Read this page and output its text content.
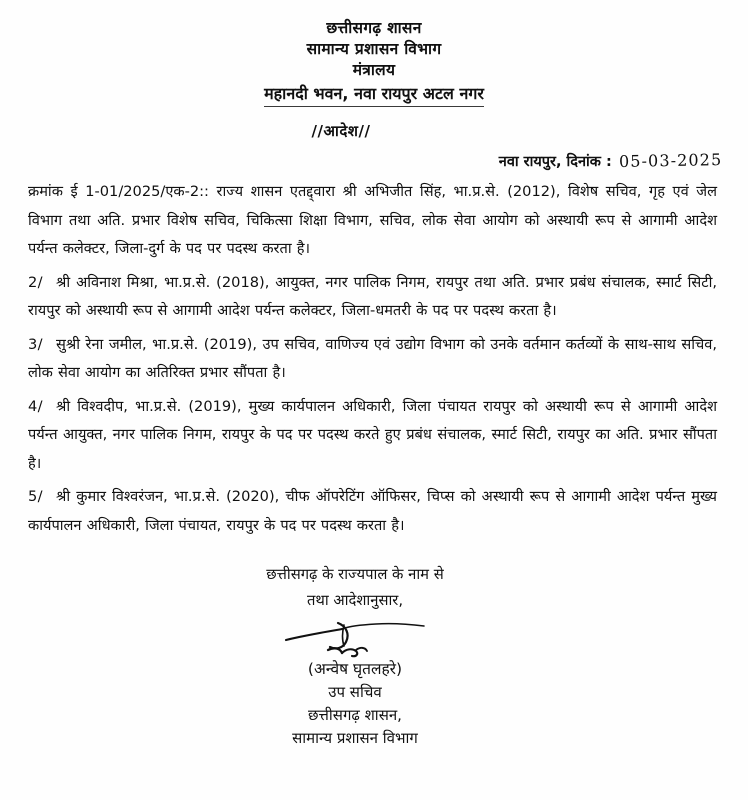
छत्तीसगढ़ शासन
सामान्य प्रशासन विभाग
मंत्रालय
महानदी भवन, नवा रायपुर अटल नगर
//आदेश//
नवा रायपुर, दिनांक : 05-03-2025

क्रमांक ई 1-01/2025/एक-2:: राज्य शासन एतद्द्वारा श्री अभिजीत सिंह, भा.प्र.से. (2012), विशेष सचिव, गृह एवं जेल विभाग तथा अति. प्रभार विशेष सचिव, चिकित्सा शिक्षा विभाग, सचिव, लोक सेवा आयोग को अस्थायी रूप से आगामी आदेश पर्यन्त कलेक्टर, जिला-दुर्ग के पद पर पदस्थ करता है।

2/ श्री अविनाश मिश्रा, भा.प्र.से. (2018), आयुक्त, नगर पालिक निगम, रायपुर तथा अति. प्रभार प्रबंध संचालक, स्मार्ट सिटी, रायपुर को अस्थायी रूप से आगामी आदेश पर्यन्त कलेक्टर, जिला-धमतरी के पद पर पदस्थ करता है।

3/ सुश्री रेना जमील, भा.प्र.से. (2019), उप सचिव, वाणिज्य एवं उद्योग विभाग को उनके वर्तमान कर्तव्यों के साथ-साथ सचिव, लोक सेवा आयोग का अतिरिक्त प्रभार सौंपता है।

4/ श्री विश्वदीप, भा.प्र.से. (2019), मुख्य कार्यपालन अधिकारी, जिला पंचायत रायपुर को अस्थायी रूप से आगामी आदेश पर्यन्त आयुक्त, नगर पालिक निगम, रायपुर के पद पर पदस्थ करते हुए प्रबंध संचालक, स्मार्ट सिटी, रायपुर का अति. प्रभार सौंपता है।

5/ श्री कुमार विश्वरंजन, भा.प्र.से. (2020), चीफ ऑपरेटिंग ऑफिसर, चिप्स को अस्थायी रूप से आगामी आदेश पर्यन्त मुख्य कार्यपालन अधिकारी, जिला पंचायत, रायपुर के पद पर पदस्थ करता है।

छत्तीसगढ़ के राज्यपाल के नाम से
तथा आदेशानुसार,
(अन्वेष घृतलहरे)
उप सचिव
छत्तीसगढ़ शासन,
सामान्य प्रशासन विभाग
